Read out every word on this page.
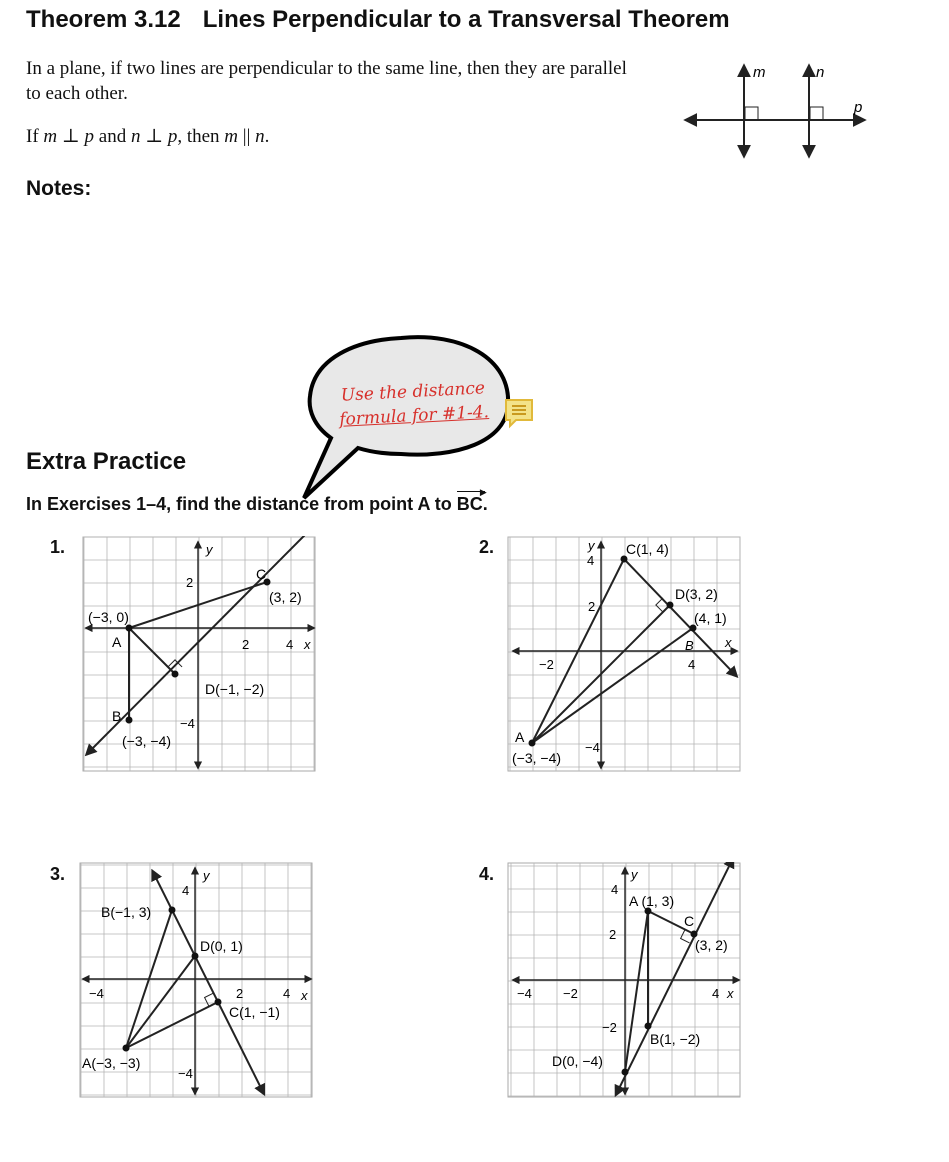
Theorem 3.12 Lines Perpendicular to a Transversal Theorem
In a plane, if two lines are perpendicular to the same line, then they are parallel to each other.
If m ⊥ p and n ⊥ p, then m || n.
m	n
p
Notes:
Use the distance
formula for #1-4.
Extra Practice
In Exercises 1–4, find the distance from point A to
▶
BC.
1.	2.
3.	4.
y
x
2
2	4
−4
C
(3, 2)
(−3, 0)
A
D(−1, −2)
B
(−3, −4)
y
x
4
2
−2	4
−4
C(1, 4)
D(3, 2)
(4, 1)
B
A
(−3, −4)
y
x
4
−4	2	4
−4
B(−1, 3)
D(0, 1)
C(1, −1)
A(−3, −3)
y
x
4
2
−4 −2	4
−2
A (1, 3)
C
(3, 2)
B(1, −2)
D(0, −4)
